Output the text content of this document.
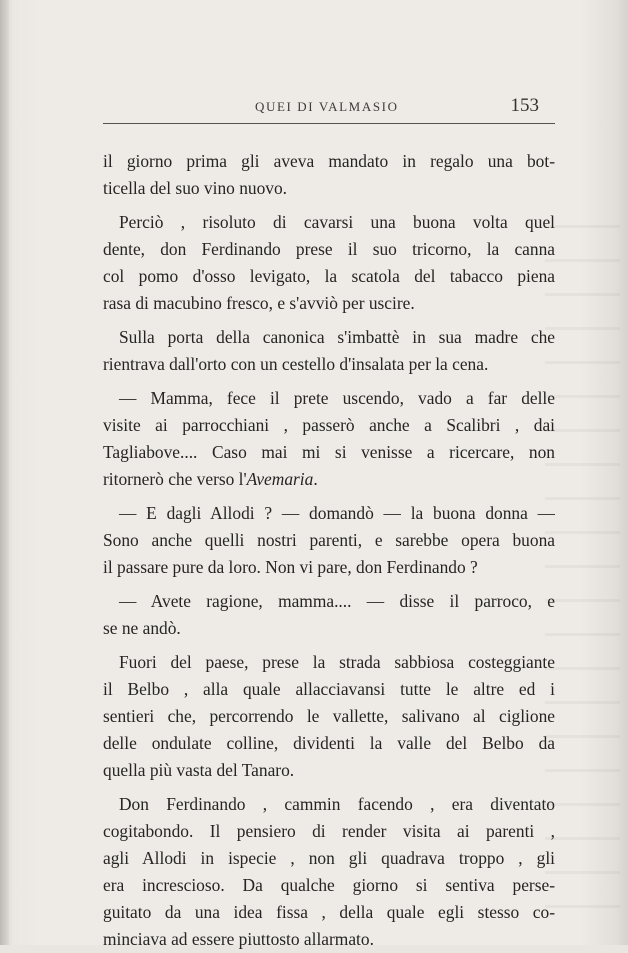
QUEI DI VALMASIO	153
il giorno prima gli aveva mandato in regalo una bot-
ticella del suo vino nuovo.
Perciò , risoluto di cavarsi una buona volta quel
dente, don Ferdinando prese il suo tricorno, la canna
col pomo d'osso levigato, la scatola del tabacco piena
rasa di macubino fresco, e s'avviò per uscire.
Sulla porta della canonica s'imbattè in sua madre che
rientrava dall'orto con un cestello d'insalata per la cena.
— Mamma, fece il prete uscendo, vado a far delle
visite ai parrocchiani , passerò anche a Scalibri , dai
Tagliabove.... Caso mai mi si venisse a ricercare, non
ritornerò che verso l'Avemaria.
— E dagli Allodi ? — domandò — la buona donna —
Sono anche quelli nostri parenti, e sarebbe opera buona
il passare pure da loro. Non vi pare, don Ferdinando ?
— Avete ragione, mamma.... — disse il parroco, e
se ne andò.
Fuori del paese, prese la strada sabbiosa costeggiante
il Belbo , alla quale allacciavansi tutte le altre ed i
sentieri che, percorrendo le vallette, salivano al ciglione
delle ondulate colline, dividenti la valle del Belbo da
quella più vasta del Tanaro.
Don Ferdinando , cammin facendo , era diventato
cogitabondo. Il pensiero di render visita ai parenti ,
agli Allodi in ispecie , non gli quadrava troppo , gli
era increscioso. Da qualche giorno si sentiva perse-
guitato da una idea fissa , della quale egli stesso co-
minciava ad essere piuttosto allarmato.
